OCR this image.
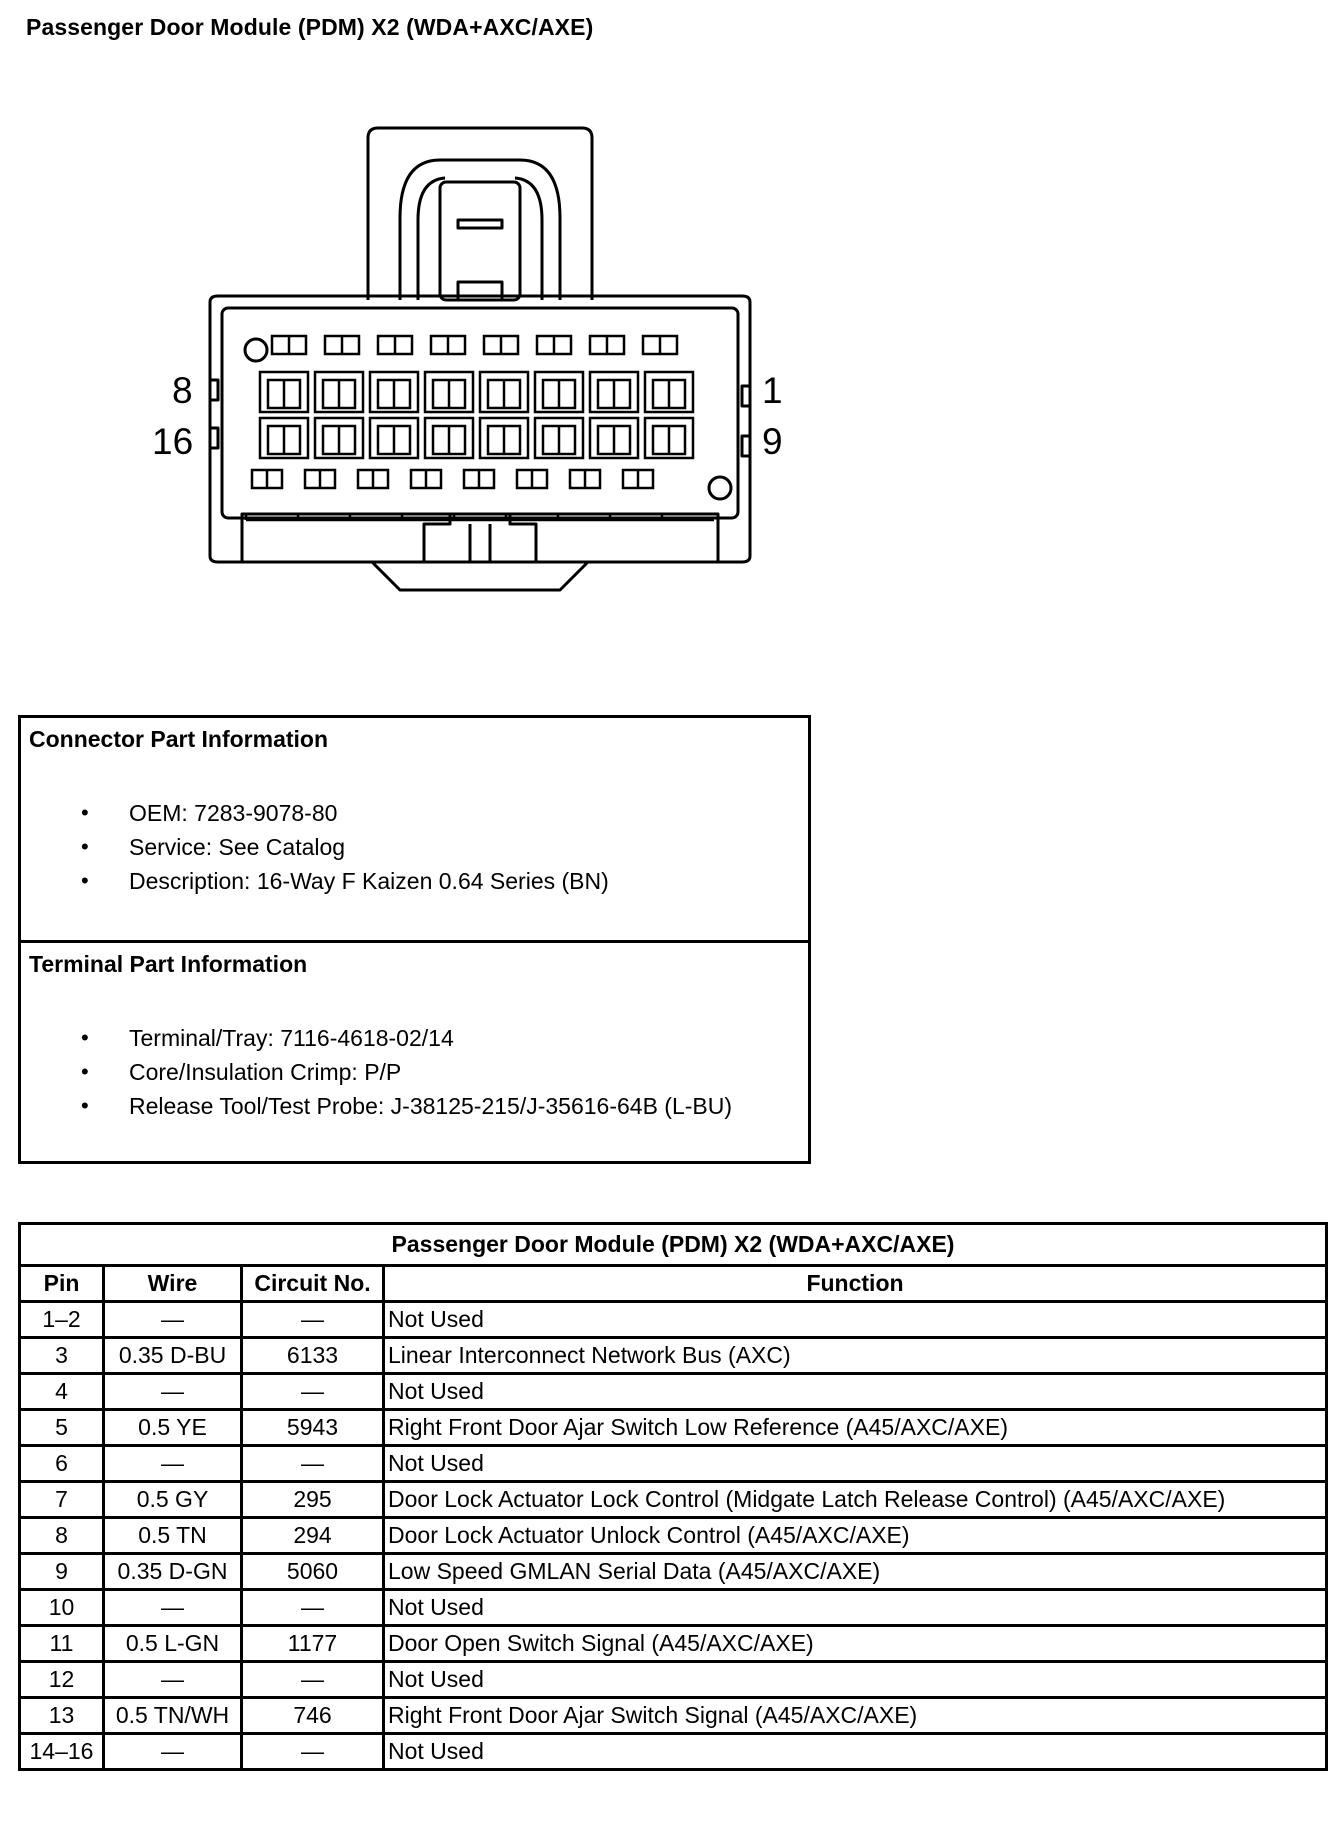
Passenger Door Module (PDM) X2 (WDA+AXC/AXE)
8
16
1
9
Connector Part Information
• OEM: 7283-9078-80
• Service: See Catalog
• Description: 16-Way F Kaizen 0.64 Series (BN)
Terminal Part Information
• Terminal/Tray: 7116-4618-02/14
• Core/Insulation Crimp: P/P
• Release Tool/Test Probe: J-38125-215/J-35616-64B (L-BU)
Passenger Door Module (PDM) X2 (WDA+AXC/AXE)			
Pin	Wire	Circuit No.	Function
1–2	—	—	Not Used
3	0.35 D-BU	6133	Linear Interconnect Network Bus (AXC)
4	—	—	Not Used
5	0.5 YE	5943	Right Front Door Ajar Switch Low Reference (A45/AXC/AXE)
6	—	—	Not Used
7	0.5 GY	295	Door Lock Actuator Lock Control (Midgate Latch Release Control) (A45/AXC/AXE)
8	0.5 TN	294	Door Lock Actuator Unlock Control (A45/AXC/AXE)
9	0.35 D-GN	5060	Low Speed GMLAN Serial Data (A45/AXC/AXE)
10	—	—	Not Used
11	0.5 L-GN	1177	Door Open Switch Signal (A45/AXC/AXE)
12	—	—	Not Used
13	0.5 TN/WH	746	Right Front Door Ajar Switch Signal (A45/AXC/AXE)
14–16	—	—	Not Used
